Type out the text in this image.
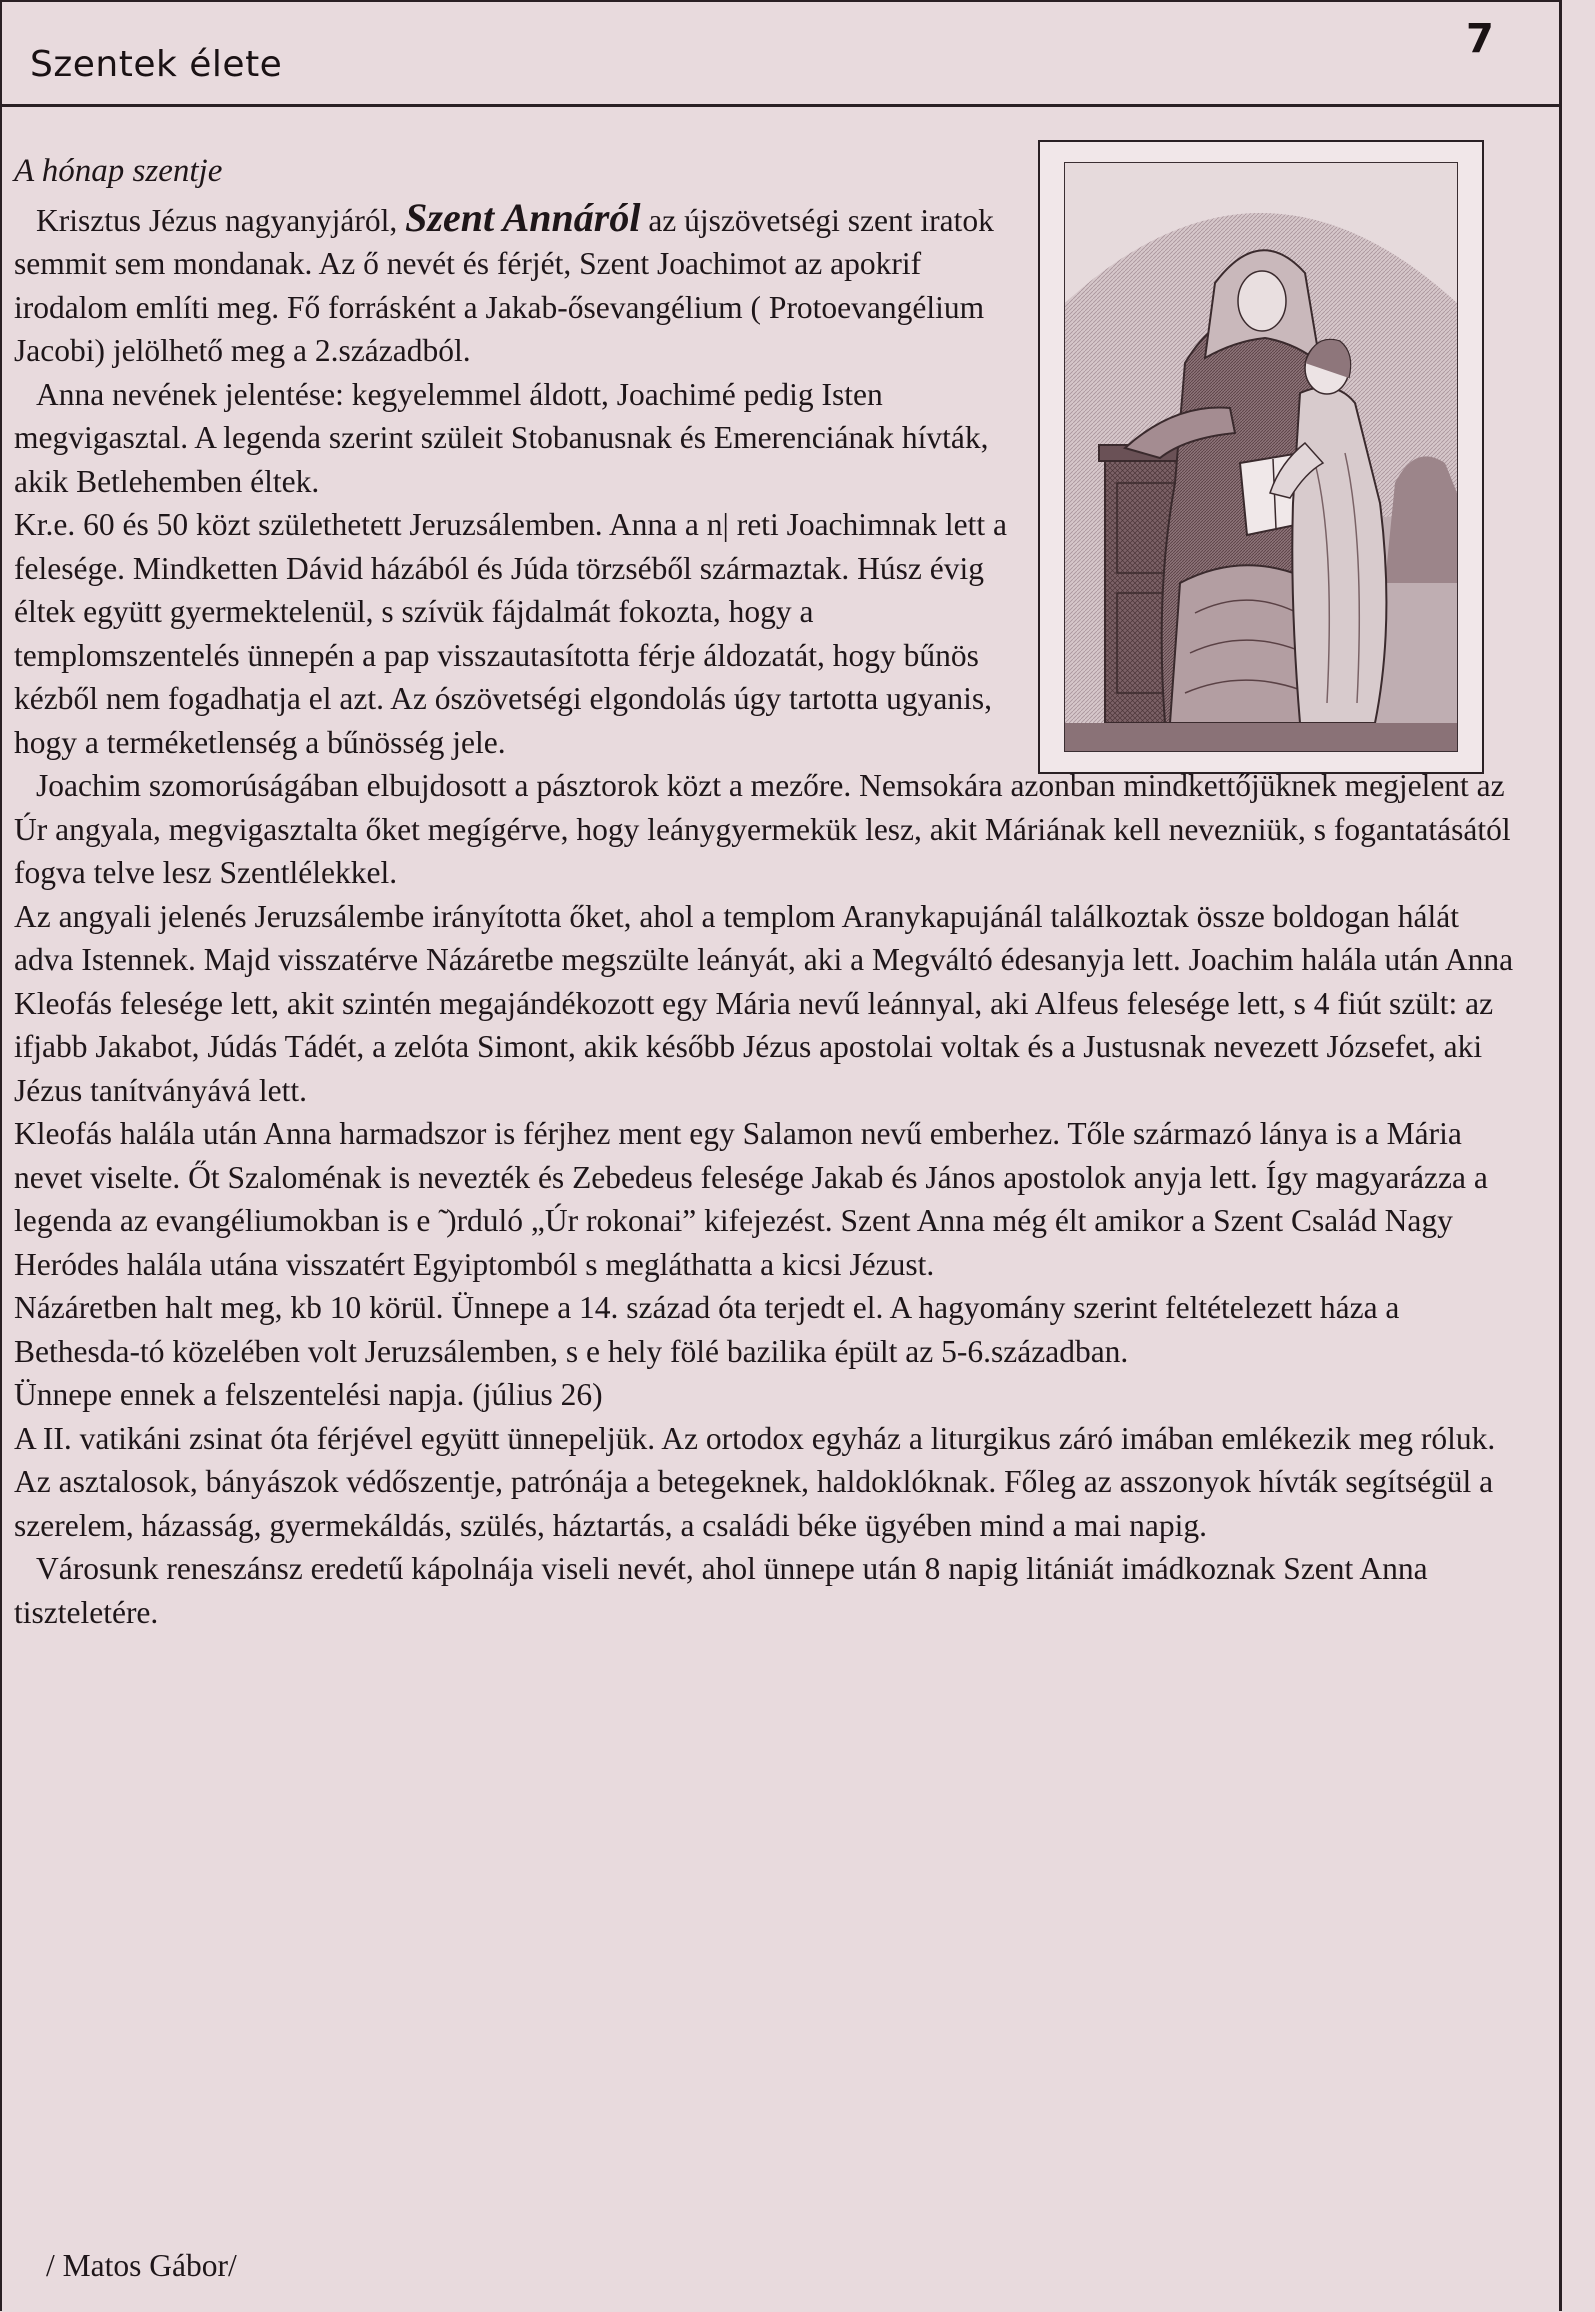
Szentek élete
7
A hónap szentje
Krisztus Jézus nagyanyjáról, Szent Annáról az újszövetségi szent iratok semmit sem mondanak. Az ő nevét és férjét, Szent Joachimot az apokrif irodalom említi meg. Fő forrásként a Jakab-ősevangélium ( Protoevangélium Jacobi) jelölhető meg a 2.századból.
Anna nevének jelentése: kegyelemmel áldott, Joachimé pedig Isten megvigasztal. A legenda szerint szüleit Stobanusnak és Emerenciának hívták, akik Betlehemben éltek.
Kr.e. 60 és 50 közt születhetett Jeruzsálemben. Anna a n| reti Joachimnak lett a felesége. Mindketten Dávid házából és Júda törzséből származtak. Húsz évig éltek együtt gyermektelenül, s szívük fájdalmát fokozta, hogy a templomszentelés ünnepén a pap visszautasította férje áldozatát, hogy bűnös kézből nem fogadhatja el azt. Az ószövetségi elgondolás úgy tartotta ugyanis, hogy a terméketlenség a bűnösség jele.
Joachim szomorúságában elbujdosott a pásztorok közt a mezőre. Nemsokára azonban mindkettőjüknek megjelent az Úr angyala, megvigasztalta őket megígérve, hogy leánygyermekük lesz, akit Máriának kell nevezniük, s fogantatásától fogva telve lesz Szentlélekkel.
Az angyali jelenés Jeruzsálembe irányította őket, ahol a templom Aranykapujánál találkoztak össze boldogan hálát adva Istennek. Majd visszatérve Názáretbe megszülte leányát, aki a Megváltó édesanyja lett. Joachim halála után Anna Kleofás felesége lett, akit szintén megajándékozott egy Mária nevű leánnyal, aki Alfeus felesége lett, s 4 fiút szült: az ifjabb Jakabot, Júdás Tádét, a zelóta Simont, akik később Jézus apostolai voltak és a Justusnak nevezett Józsefet, aki Jézus tanítványává lett.
Kleofás halála után Anna harmadszor is férjhez ment egy Salamon nevű emberhez. Tőle származó lánya is a Mária nevet viselte. Őt Szaloménak is nevezték és Zebedeus felesége Jakab és János apostolok anyja lett. Így magyarázza a legenda az evangéliumokban is e ̃ )rduló „Úr rokonai” kifejezést. Szent Anna még élt amikor a Szent Család Nagy Heródes halála utána visszatért Egyiptomból s megláthatta a kicsi Jézust.
Názáretben halt meg, kb 10 körül. Ünnepe a 14. század óta terjedt el. A hagyomány szerint feltételezett háza a Bethesda-tó közelében volt Jeruzsálemben, s e hely fölé bazilika épült az 5-6.században.
Ünnepe ennek a felszentelési napja. (július 26)
A II. vatikáni zsinat óta férjével együtt ünnepeljük. Az ortodox egyház a liturgikus záró imában emlékezik meg róluk. Az asztalosok, bányászok védőszentje, patrónája a betegeknek, haldoklóknak. Főleg az asszonyok hívták segítségül a szerelem, házasság, gyermekáldás, szülés, háztartás, a családi béke ügyében mind a mai napig.
Városunk reneszánsz eredetű kápolnája viseli nevét, ahol ünnepe után 8 napig litániát imádkoznak Szent Anna tiszteletére.
/ Matos Gábor/
